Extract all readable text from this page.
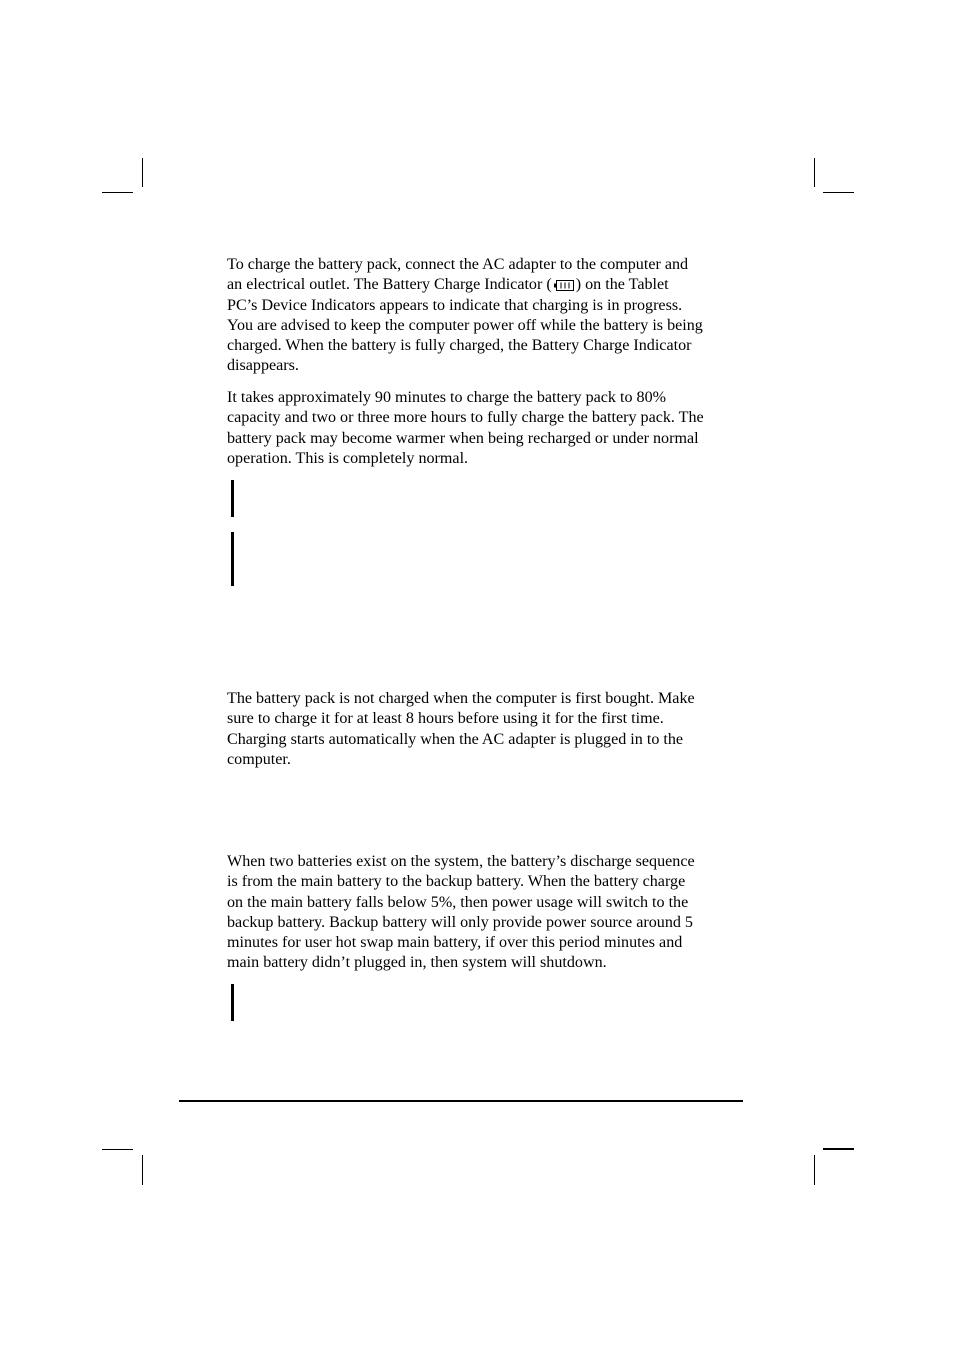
To charge the battery pack, connect the AC adapter to the computer and
an electrical outlet. The Battery Charge Indicator ( ) on the Tablet
PC’s Device Indicators appears to indicate that charging is in progress.
You are advised to keep the computer power off while the battery is being
charged. When the battery is fully charged, the Battery Charge Indicator
disappears.

It takes approximately 90 minutes to charge the battery pack to 80%
capacity and two or three more hours to fully charge the battery pack. The
battery pack may become warmer when being recharged or under normal
operation. This is completely normal.

The battery pack is not charged when the computer is first bought. Make
sure to charge it for at least 8 hours before using it for the first time.
Charging starts automatically when the AC adapter is plugged in to the
computer.

When two batteries exist on the system, the battery’s discharge sequence
is from the main battery to the backup battery. When the battery charge
on the main battery falls below 5%, then power usage will switch to the
backup battery. Backup battery will only provide power source around 5
minutes for user hot swap main battery, if over this period minutes and
main battery didn’t plugged in, then system will shutdown.
